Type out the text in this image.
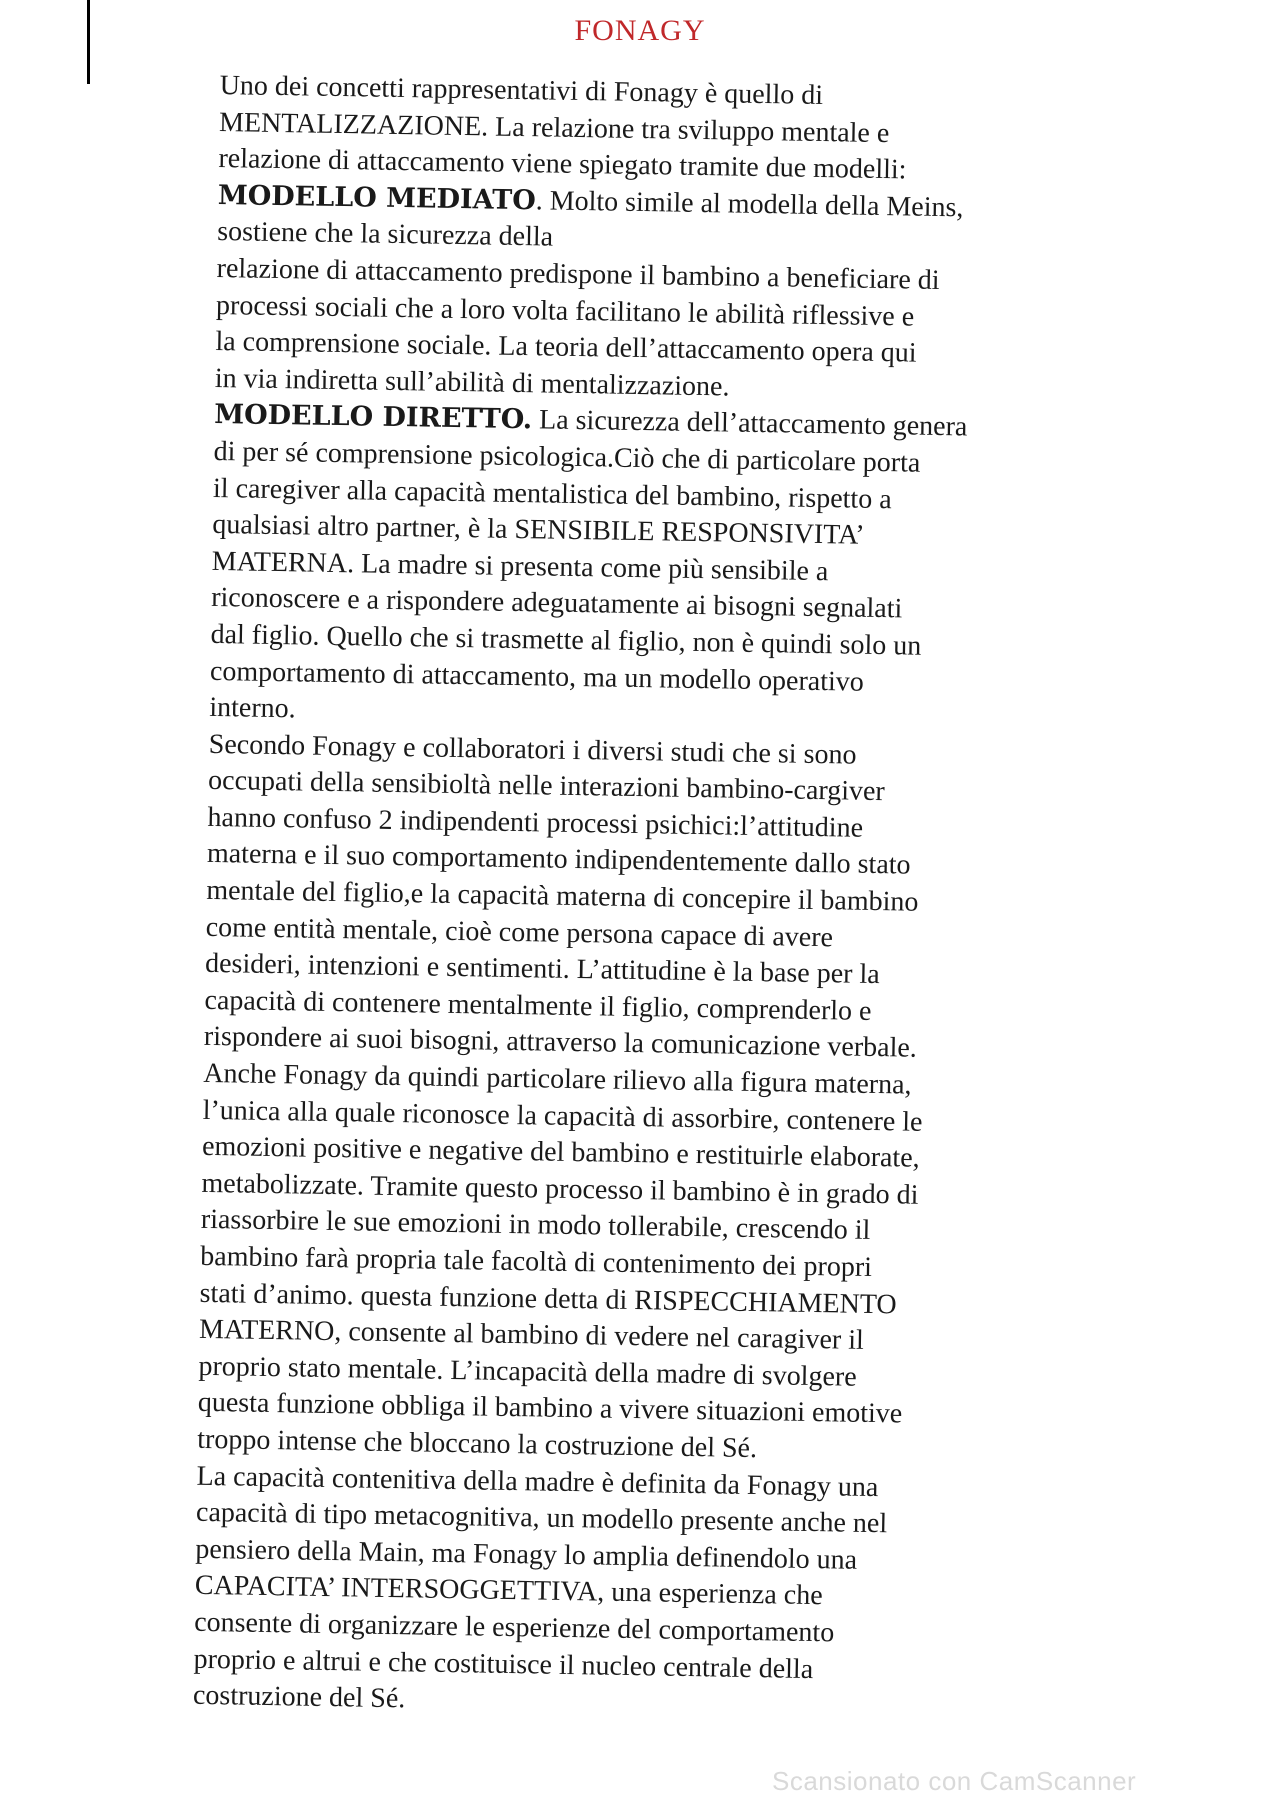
FONAGY
Uno dei concetti rappresentativi di Fonagy è quello di
MENTALIZZAZIONE. La relazione tra sviluppo mentale e
relazione di attaccamento viene spiegato tramite due modelli:
MODELLO MEDIATO. Molto simile al modella della Meins,
sostiene che la sicurezza della
relazione di attaccamento predispone il bambino a beneficiare di
processi sociali che a loro volta facilitano le abilità riflessive e
la comprensione sociale. La teoria dell’attaccamento opera qui
in via indiretta sull’abilità di mentalizzazione.
MODELLO DIRETTO. La sicurezza dell’attaccamento genera
di per sé comprensione psicologica.Ciò che di particolare porta
il caregiver alla capacità mentalistica del bambino, rispetto a
qualsiasi altro partner, è la SENSIBILE RESPONSIVITA’
MATERNA. La madre si presenta come più sensibile a
riconoscere e a rispondere adeguatamente ai bisogni segnalati
dal figlio. Quello che si trasmette al figlio, non è quindi solo un
comportamento di attaccamento, ma un modello operativo
interno.
Secondo Fonagy e collaboratori i diversi studi che si sono
occupati della sensibioltà nelle interazioni bambino-cargiver
hanno confuso 2 indipendenti processi psichici:l’attitudine
materna e il suo comportamento indipendentemente dallo stato
mentale del figlio,e la capacità materna di concepire il bambino
come entità mentale, cioè come persona capace di avere
desideri, intenzioni e sentimenti. L’attitudine è la base per la
capacità di contenere mentalmente il figlio, comprenderlo e
rispondere ai suoi bisogni, attraverso la comunicazione verbale.
Anche Fonagy da quindi particolare rilievo alla figura materna,
l’unica alla quale riconosce la capacità di assorbire, contenere le
emozioni positive e negative del bambino e restituirle elaborate,
metabolizzate. Tramite questo processo il bambino è in grado di
riassorbire le sue emozioni in modo tollerabile, crescendo il
bambino farà propria tale facoltà di contenimento dei propri
stati d’animo. questa funzione detta di RISPECCHIAMENTO
MATERNO, consente al bambino di vedere nel caragiver il
proprio stato mentale. L’incapacità della madre di svolgere
questa funzione obbliga il bambino a vivere situazioni emotive
troppo intense che bloccano la costruzione del Sé.
La capacità contenitiva della madre è definita da Fonagy una
capacità di tipo metacognitiva, un modello presente anche nel
pensiero della Main, ma Fonagy lo amplia definendolo una
CAPACITA’ INTERSOGGETTIVA, una esperienza che
consente di organizzare le esperienze del comportamento
proprio e altrui e che costituisce il nucleo centrale della
costruzione del Sé.
Scansionato con CamScanner
